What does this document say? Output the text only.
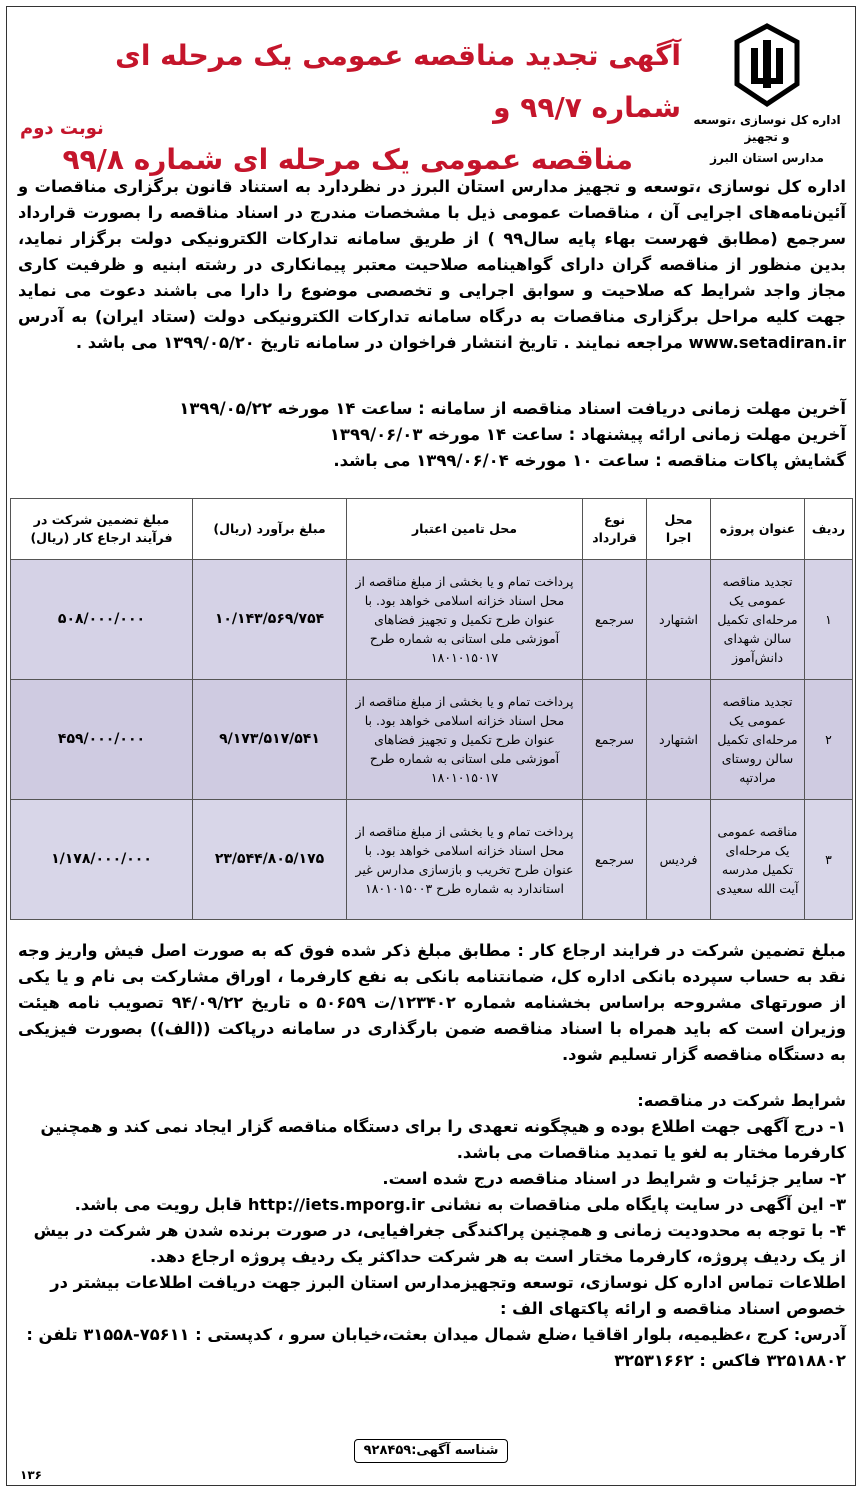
اداره کل نوسازی ،توسعه و تجهیز
مدارس استان البرز
آگهی تجدید مناقصه عمومی یک مرحله ای شماره ۹۹/۷ و
مناقصه عمومی یک مرحله ای شماره ۹۹/۸
نوبت دوم
اداره کل نوسازی ،توسعه و تجهیز مدارس استان البرز در نظردارد به استناد قانون برگزاری مناقصات و آئین‌نامه‌های اجرایی آن ، مناقصات عمومی ذیل با مشخصات مندرج در اسناد مناقصه را بصورت قرارداد سرجمع (مطابق فهرست بهاء پایه سال۹۹ ) از طریق سامانه تدارکات الکترونیکی دولت برگزار نماید، بدین منظور از مناقصه گران دارای گواهینامه صلاحیت معتبر پیمانکاری در رشته ابنیه و ظرفیت کاری مجاز واجد شرایط که صلاحیت و سوابق اجرایی و تخصصی موضوع را دارا می باشند دعوت می نماید جهت کلیه مراحل برگزاری مناقصات به درگاه سامانه تدارکات الکترونیکی دولت (ستاد ایران) به آدرس www.setadiran.ir مراجعه نمایند . تاریخ انتشار فراخوان در سامانه تاریخ ۱۳۹۹/۰۵/۲۰ می باشد .
آخرین مهلت زمانی دریافت اسناد مناقصه از سامانه : ساعت ۱۴ مورخه ۱۳۹۹/۰۵/۲۲
آخرین مهلت زمانی ارائه پیشنهاد : ساعت ۱۴ مورخه ۱۳۹۹/۰۶/۰۳
گشایش پاکات مناقصه : ساعت ۱۰ مورخه ۱۳۹۹/۰۶/۰۴ می باشد.
ردیف	عنوان پروژه	محل اجرا	نوع قرارداد	محل تامین اعتبار	مبلغ برآورد (ریال)	مبلغ تضمین شرکت در فرآیند ارجاع کار (ریال)
۱	تجدید مناقصه عمومی یک مرحله‌ای تکمیل سالن شهدای دانش‌آموز	اشتهارد	سرجمع	پرداخت تمام و یا بخشی از مبلغ مناقصه از محل اسناد خزانه اسلامی خواهد بود. با عنوان طرح تکمیل و تجهیز فضاهای آموزشی ملی استانی به شماره طرح ۱۸۰۱۰۱۵۰۱۷	۱۰/۱۴۳/۵۶۹/۷۵۴	۵۰۸/۰۰۰/۰۰۰
۲	تجدید مناقصه عمومی یک مرحله‌ای تکمیل سالن روستای مرادتپه	اشتهارد	سرجمع	پرداخت تمام و یا بخشی از مبلغ مناقصه از محل اسناد خزانه اسلامی خواهد بود. با عنوان طرح تکمیل و تجهیز فضاهای آموزشی ملی استانی به شماره طرح ۱۸۰۱۰۱۵۰۱۷	۹/۱۷۳/۵۱۷/۵۴۱	۴۵۹/۰۰۰/۰۰۰
۳	مناقصه عمومی یک مرحله‌ای تکمیل مدرسه آیت الله سعیدی	فردیس	سرجمع	پرداخت تمام و یا بخشی از مبلغ مناقصه از محل اسناد خزانه اسلامی خواهد بود. با عنوان طرح تخریب و بازسازی مدارس غیر استاندارد به شماره طرح ۱۸۰۱۰۱۵۰۰۳	۲۳/۵۴۴/۸۰۵/۱۷۵	۱/۱۷۸/۰۰۰/۰۰۰
مبلغ تضمین شرکت در فرایند ارجاع کار : مطابق مبلغ ذکر شده فوق که به صورت اصل فیش واریز وجه نقد به حساب سپرده بانکی اداره کل، ضمانتنامه بانکی به نفع کارفرما ، اوراق مشارکت بی نام و یا یکی از صورتهای مشروحه براساس بخشنامه شماره ۱۲۳۴۰۲/ت ۵۰۶۵۹ ه تاریخ ۹۴/۰۹/۲۲ تصویب نامه هیئت وزیران است که باید همراه با اسناد مناقصه ضمن بارگذاری در سامانه درپاکت ((الف)) بصورت فیزیکی به دستگاه مناقصه گزار تسلیم شود.
شرایط شرکت در مناقصه:
۱- درج آگهی جهت اطلاع بوده و هیچگونه تعهدی را برای دستگاه مناقصه گزار ایجاد نمی کند و همچنین کارفرما مختار به لغو یا تمدید مناقصات می باشد.
۲- سایر جزئیات و شرایط در اسناد مناقصه درج شده است.
۳- این آگهی در سایت پایگاه ملی مناقصات به نشانی http://iets.mporg.ir قابل رویت می باشد.
۴- با توجه به محدودیت زمانی و همچنین پراکندگی جغرافیایی، در صورت برنده شدن هر شرکت در بیش از یک ردیف پروژه، کارفرما مختار است به هر شرکت حداکثر یک ردیف پروژه ارجاع دهد.
اطلاعات تماس اداره کل نوسازی، توسعه وتجهیزمدارس استان البرز جهت دریافت اطلاعات بیشتر در خصوص اسناد مناقصه و ارائه پاکتهای الف :
آدرس: کرج ،عظیمیه، بلوار اقاقیا ،ضلع شمال میدان بعثت،خیابان سرو ، کدپستی : ۷۵۶۱۱-۳۱۵۵۸ تلفن : ۳۲۵۱۸۸۰۲ فاکس : ۳۲۵۳۱۶۶۲
شناسه آگهی:۹۲۸۴۵۹
۱۳۶
